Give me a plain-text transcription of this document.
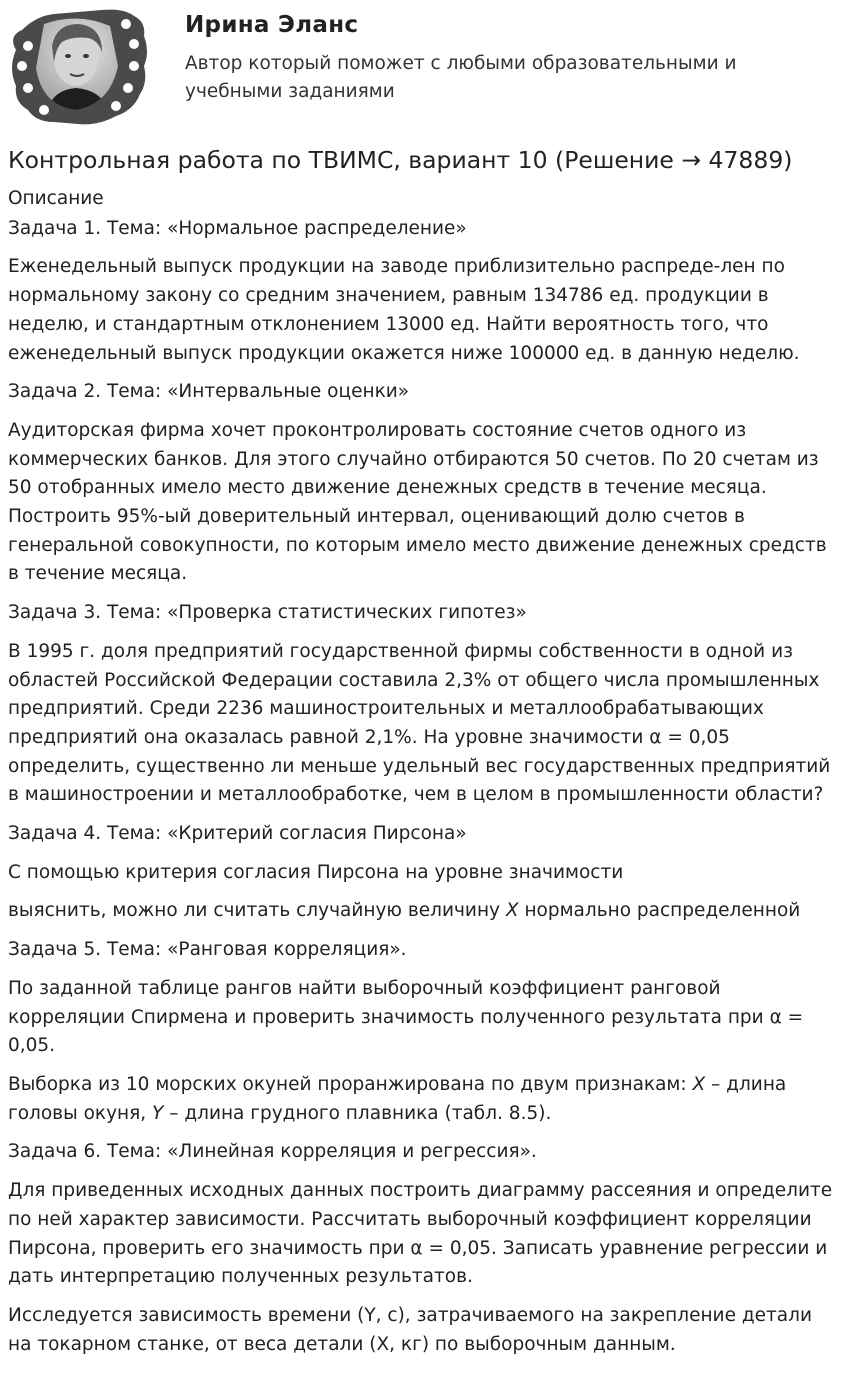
Ирина Эланс
Автор который поможет с любыми образовательными и учебными заданиями
Контрольная работа по ТВИМС, вариант 10 (Решение → 47889)

Описание

Задача 1. Тема: «Нормальное распределение»

Еженедельный выпуск продукции на заводе приблизительно распреде-лен по нормальному закону со средним значением, равным 134786 ед. продукции в неделю, и стандартным отклонением 13000 ед. Найти вероятность того, что еженедельный выпуск продукции окажется ниже 100000 ед. в данную неделю.

Задача 2. Тема: «Интервальные оценки»

Аудиторская фирма хочет проконтролировать состояние счетов одного из коммерческих банков. Для этого случайно отбираются 50 счетов. По 20 счетам из 50 отобранных имело место движение денежных средств в течение месяца. Построить 95%-ый доверительный интервал, оценивающий долю счетов в генеральной совокупности, по которым имело место движение денежных средств в течение месяца.

Задача 3. Тема: «Проверка статистических гипотез»

В 1995 г. доля предприятий государственной фирмы собственности в одной из областей Российской Федерации составила 2,3% от общего числа промышленных предприятий. Среди 2236 машиностроительных и металлообрабатывающих предприятий она оказалась равной 2,1%. На уровне значимости α = 0,05 определить, существенно ли меньше удельный вес государственных предприятий в машиностроении и металлообработке, чем в целом в промышленности области?

Задача 4. Тема: «Критерий согласия Пирсона»

С помощью критерия согласия Пирсона на уровне значимости

выяснить, можно ли считать случайную величину X нормально распределенной

Задача 5. Тема: «Ранговая корреляция».

По заданной таблице рангов найти выборочный коэффициент ранговой корреляции Спирмена и проверить значимость полученного результата при α = 0,05.

Выборка из 10 морских окуней проранжирована по двум признакам: X – длина головы окуня, Y – длина грудного плавника (табл. 8.5).

Задача 6. Тема: «Линейная корреляция и регрессия».

Для приведенных исходных данных построить диаграмму рассеяния и определите по ней характер зависимости. Рассчитать выборочный коэффициент корреляции Пирсона, проверить его значимость при α = 0,05. Записать уравнение регрессии и дать интерпретацию полученных результатов.

Исследуется зависимость времени (Y, c), затрачиваемого на закрепление детали на токарном станке, от веса детали (X, кг) по выборочным данным.
